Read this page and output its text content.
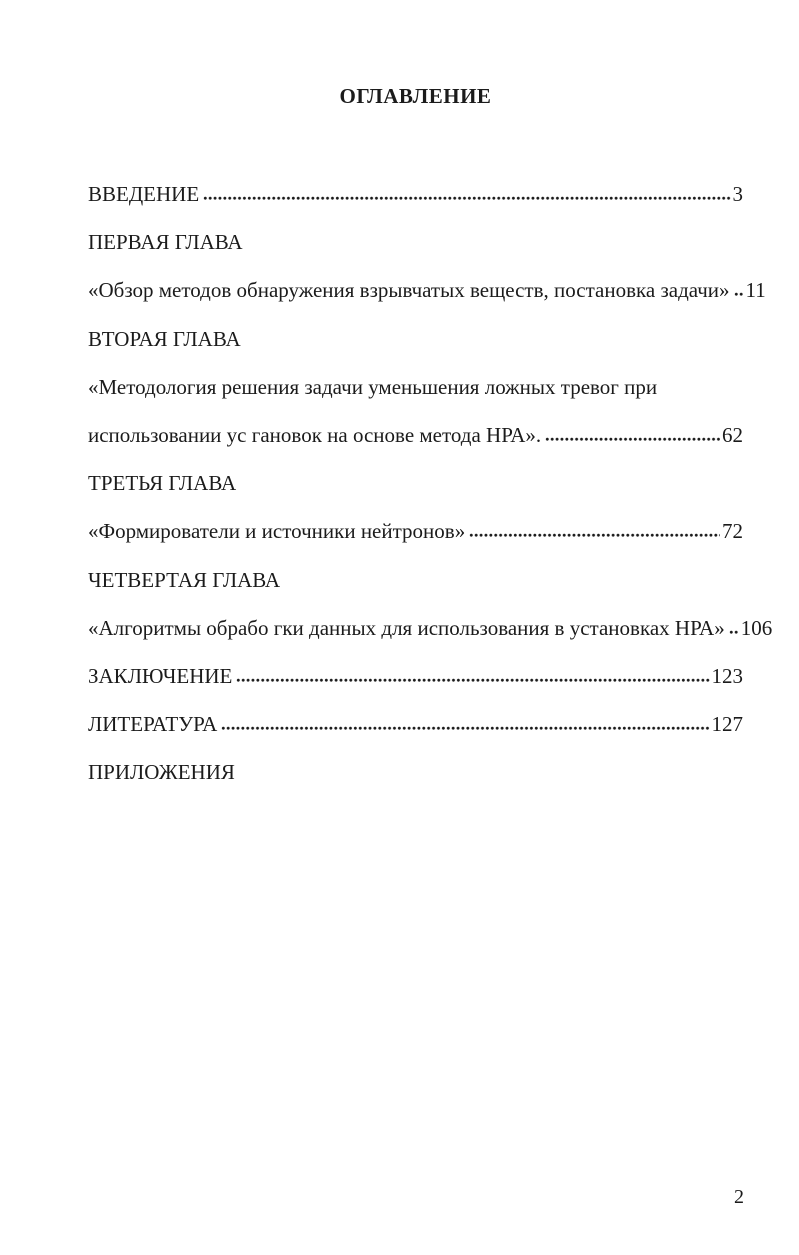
ОГЛАВЛЕНИЕ
ВВЕДЕНИЕ	3
ПЕРВАЯ ГЛАВА
«Обзор методов обнаружения взрывчатых веществ, постановка задачи» 11
ВТОРАЯ ГЛАВА
«Методология решения задачи уменьшения ложных тревог при
использовании ус гановок на основе метода НРА».	62
ТРЕТЬЯ ГЛАВА
«Формирователи и источники нейтронов»	72
ЧЕТВЕРТАЯ ГЛАВА
«Алгоритмы обрабо гки данных для использования в установках НРА» 106
ЗАКЛЮЧЕНИЕ	123
ЛИТЕРАТУРА	127
ПРИЛОЖЕНИЯ
2
